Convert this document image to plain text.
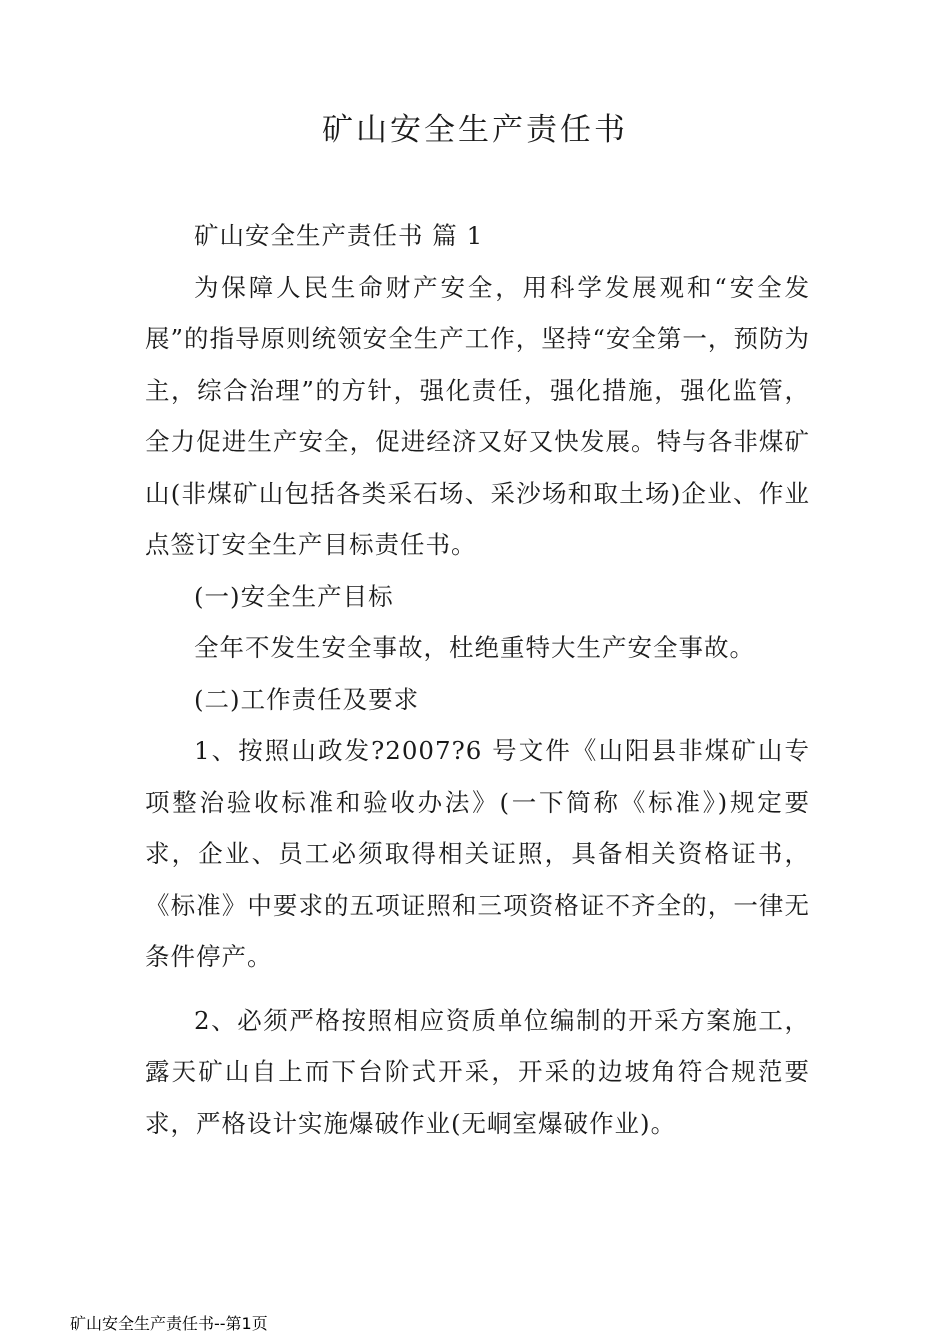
矿山安全生产责任书

矿山安全生产责任书 篇 1

为保障人民生命财产安全，用科学发展观和“安全发展”的指导原则统领安全生产工作，坚持“安全第一，预防为主，综合治理”的方针，强化责任，强化措施，强化监管，全力促进生产安全，促进经济又好又快发展。特与各非煤矿山(非煤矿山包括各类采石场、采沙场和取土场)企业、作业点签订安全生产目标责任书。

(一)安全生产目标

全年不发生安全事故，杜绝重特大生产安全事故。

(二)工作责任及要求

1、按照山政发?2007?6 号文件《山阳县非煤矿山专项整治验收标准和验收办法》(一下简称《标准》)规定要求，企业、员工必须取得相关证照，具备相关资格证书，《标准》中要求的五项证照和三项资格证不齐全的，一律无条件停产。

2、必须严格按照相应资质单位编制的开采方案施工，露天矿山自上而下台阶式开采，开采的边坡角符合规范要求，严格设计实施爆破作业(无峒室爆破作业)。

矿山安全生产责任书--第1页
